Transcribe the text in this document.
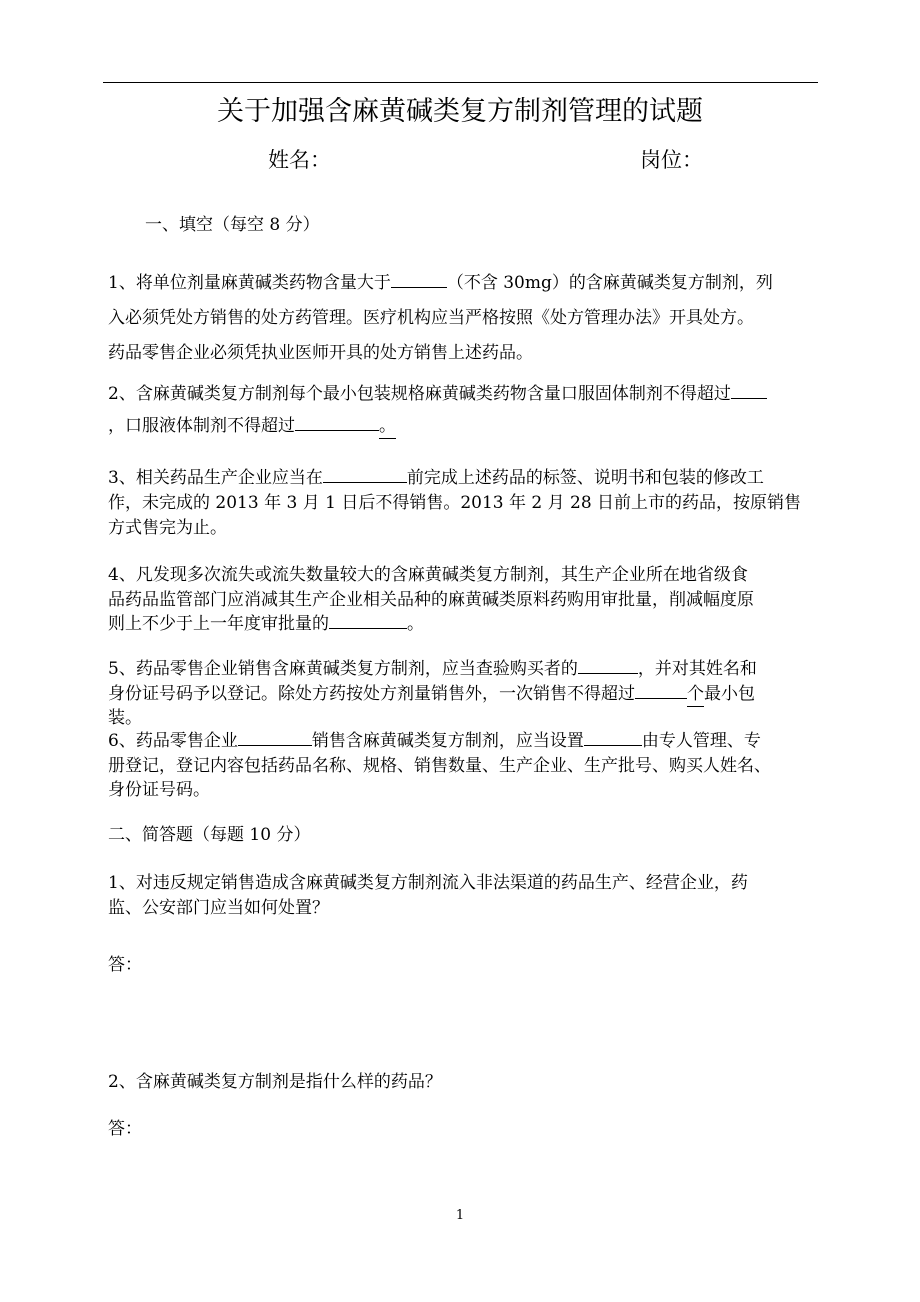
关于加强含麻黄碱类复方制剂管理的试题
姓名：	岗位：
一、填空（每空 8 分）
1、将单位剂量麻黄碱类药物含量大于	（不含 30mg）的含麻黄碱类复方制剂，列
入必须凭处方销售的处方药管理。医疗机构应当严格按照《处方管理办法》开具处方。
药品零售企业必须凭执业医师开具的处方销售上述药品。
2、含麻黄碱类复方制剂每个最小包装规格麻黄碱类药物含量口服固体制剂不得超过
，口服液体制剂不得超过	。
3、相关药品生产企业应当在	前完成上述药品的标签、说明书和包装的修改工
作，未完成的 2013 年 3 月 1 日后不得销售。2013 年 2 月 28 日前上市的药品，按原销售
方式售完为止。
4、凡发现多次流失或流失数量较大的含麻黄碱类复方制剂，其生产企业所在地省级食
品药品监管部门应消减其生产企业相关品种的麻黄碱类原料药购用审批量，削减幅度原
则上不少于上一年度审批量的	。
5、药品零售企业销售含麻黄碱类复方制剂，应当查验购买者的	，并对其姓名和
身份证号码予以登记。除处方药按处方剂量销售外，一次销售不得超过	个最小包
装。
6、药品零售企业	销售含麻黄碱类复方制剂，应当设置	由专人管理、专
册登记，登记内容包括药品名称、规格、销售数量、生产企业、生产批号、购买人姓名、
身份证号码。
二、简答题（每题 10 分）
1、对违反规定销售造成含麻黄碱类复方制剂流入非法渠道的药品生产、经营企业，药
监、公安部门应当如何处置？
答：
2、含麻黄碱类复方制剂是指什么样的药品？
答：
1
